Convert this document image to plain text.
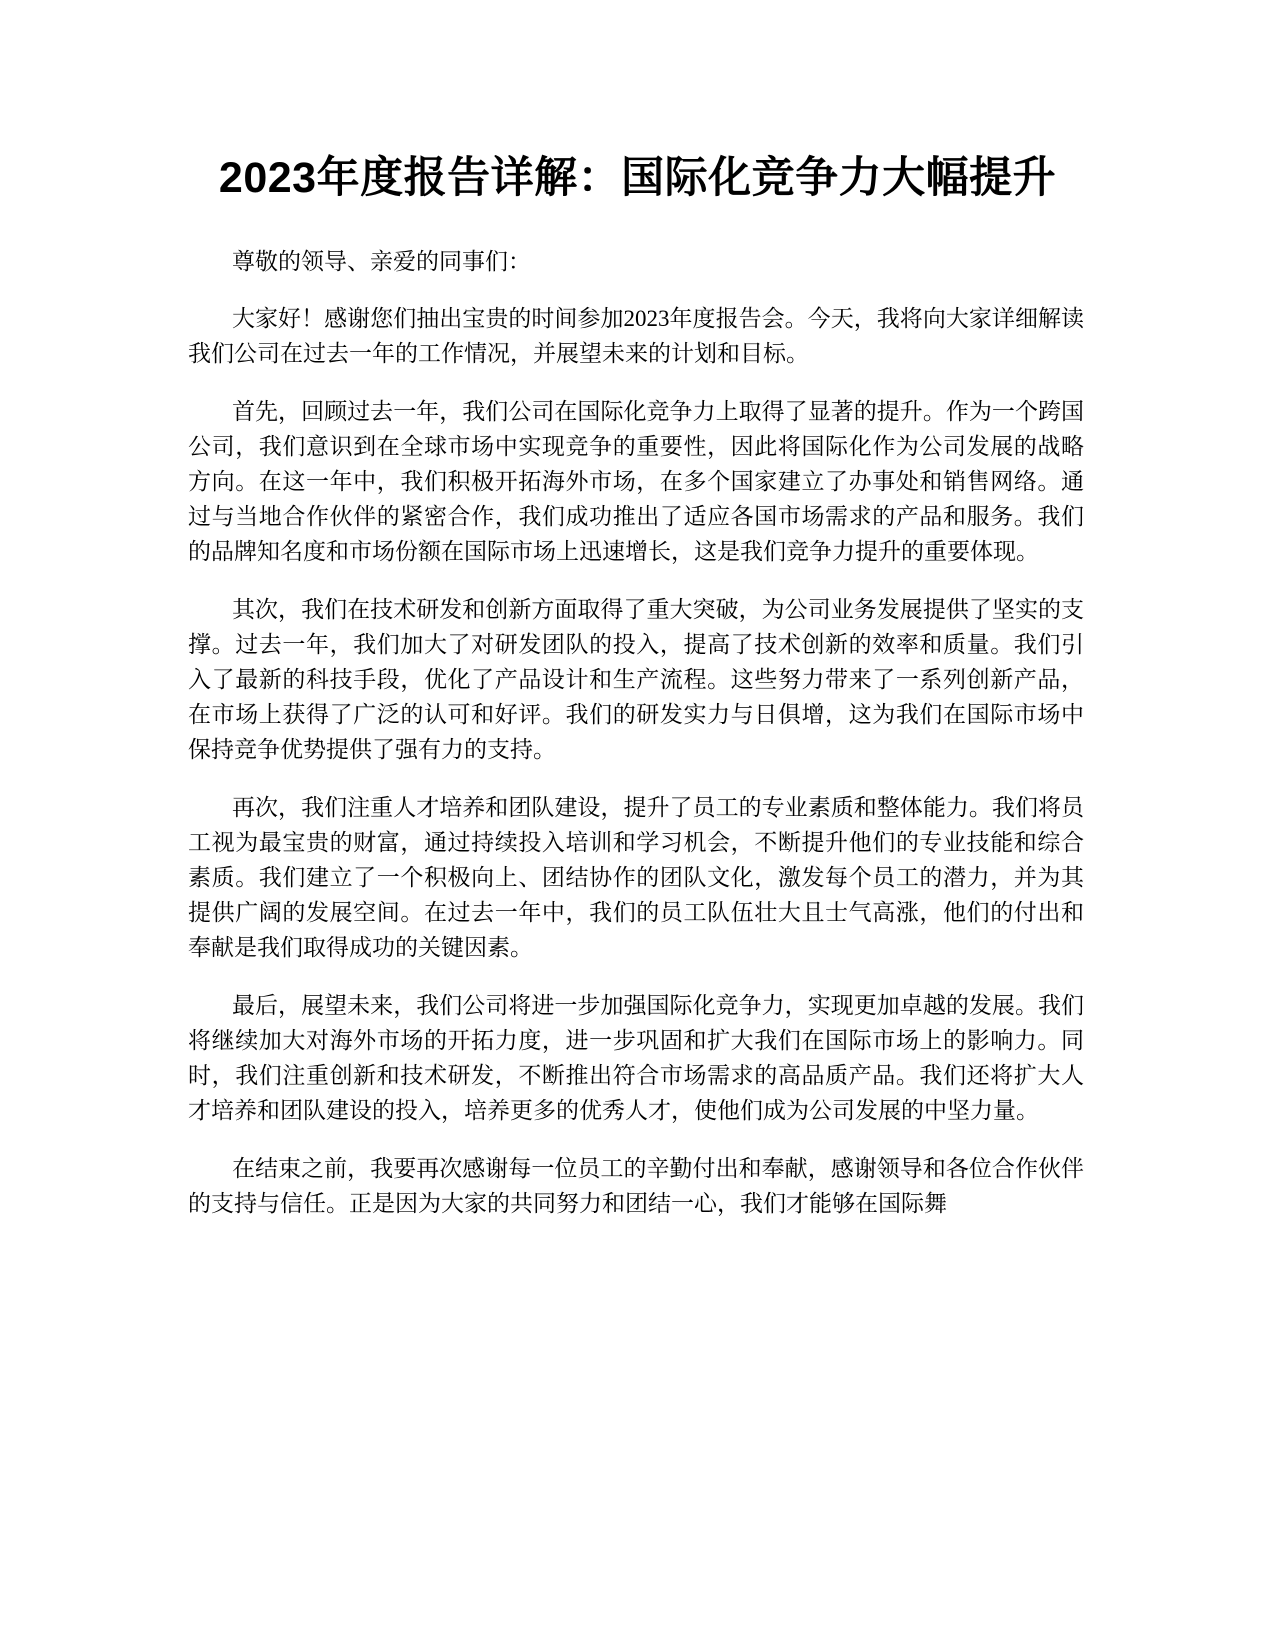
2023年度报告详解：国际化竞争力大幅提升

尊敬的领导、亲爱的同事们：

大家好！感谢您们抽出宝贵的时间参加2023年度报告会。今天，我将向大家详细解读我们公司在过去一年的工作情况，并展望未来的计划和目标。

首先，回顾过去一年，我们公司在国际化竞争力上取得了显著的提升。作为一个跨国公司，我们意识到在全球市场中实现竞争的重要性，因此将国际化作为公司发展的战略方向。在这一年中，我们积极开拓海外市场，在多个国家建立了办事处和销售网络。通过与当地合作伙伴的紧密合作，我们成功推出了适应各国市场需求的产品和服务。我们的品牌知名度和市场份额在国际市场上迅速增长，这是我们竞争力提升的重要体现。

其次，我们在技术研发和创新方面取得了重大突破，为公司业务发展提供了坚实的支撑。过去一年，我们加大了对研发团队的投入，提高了技术创新的效率和质量。我们引入了最新的科技手段，优化了产品设计和生产流程。这些努力带来了一系列创新产品，在市场上获得了广泛的认可和好评。我们的研发实力与日俱增，这为我们在国际市场中保持竞争优势提供了强有力的支持。

再次，我们注重人才培养和团队建设，提升了员工的专业素质和整体能力。我们将员工视为最宝贵的财富，通过持续投入培训和学习机会，不断提升他们的专业技能和综合素质。我们建立了一个积极向上、团结协作的团队文化，激发每个员工的潜力，并为其提供广阔的发展空间。在过去一年中，我们的员工队伍壮大且士气高涨，他们的付出和奉献是我们取得成功的关键因素。

最后，展望未来，我们公司将进一步加强国际化竞争力，实现更加卓越的发展。我们将继续加大对海外市场的开拓力度，进一步巩固和扩大我们在国际市场上的影响力。同时，我们注重创新和技术研发，不断推出符合市场需求的高品质产品。我们还将扩大人才培养和团队建设的投入，培养更多的优秀人才，使他们成为公司发展的中坚力量。

在结束之前，我要再次感谢每一位员工的辛勤付出和奉献，感谢领导和各位合作伙伴的支持与信任。正是因为大家的共同努力和团结一心，我们才能够在国际舞
